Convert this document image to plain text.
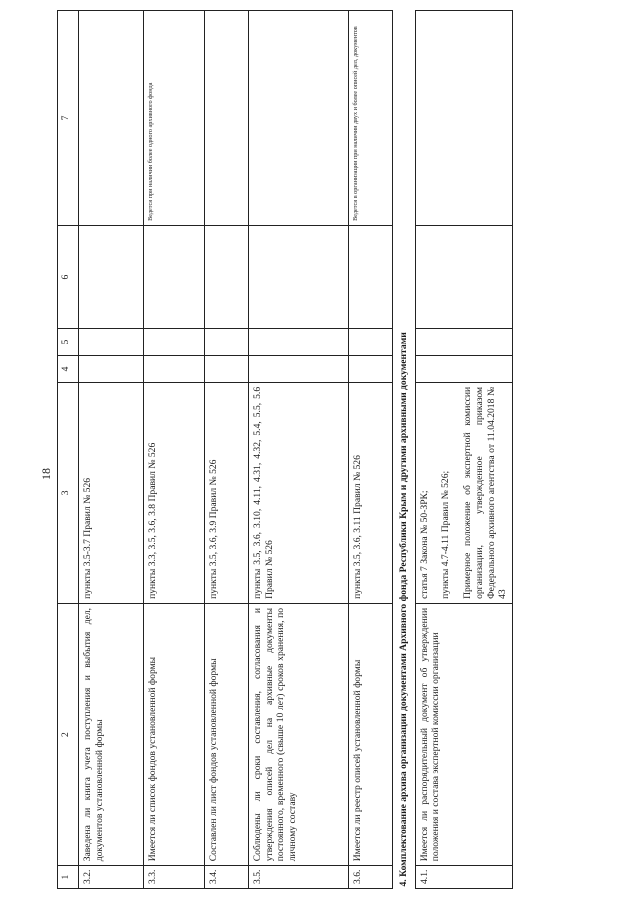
18
1	2	3	4	5	6	7
3.2.	Заведена ли книга учета поступления и выбытия дел, документов установленной формы	пункты 3.5-3.7 Правил № 526				
3.3.	Имеется ли список фондов установленной формы	пункты 3.3, 3.5, 3.6, 3.8 Правил № 526				Ведется при наличии более одного архивного фонда
3.4.	Составлен ли лист фондов установленной формы	пункты 3.5, 3.6, 3.9 Правил № 526				
3.5.	Соблюдены ли сроки составления, согласования и утверждения описей дел на архивные документы постоянного, временного (свыше 10 лет) сроков хранения, по личному составу	пункты 3.5, 3.6, 3.10, 4.11, 4.31, 4.32, 5.4, 5.5, 5.6 Правил № 526				
3.6.	Имеется ли реестр описей установленной формы	пункты 3.5, 3.6, 3.11 Правил № 526				Ведется в организации при наличии двух и более описей дел, документов
4. Комплектование архива организации документами Архивного фонда Республики Крым и другими архивными документами						
4.1.	Имеется ли распорядительный документ об утверждении положения и состава экспертной комиссии организации	статья 7 Закона № 50-ЗРК; пункты 4.7-4.11 Правил № 526; Примерное положение об экспертной комиссии организации, утвержденное приказом Федерального архивного агентства от 11.04.2018 № 43				
